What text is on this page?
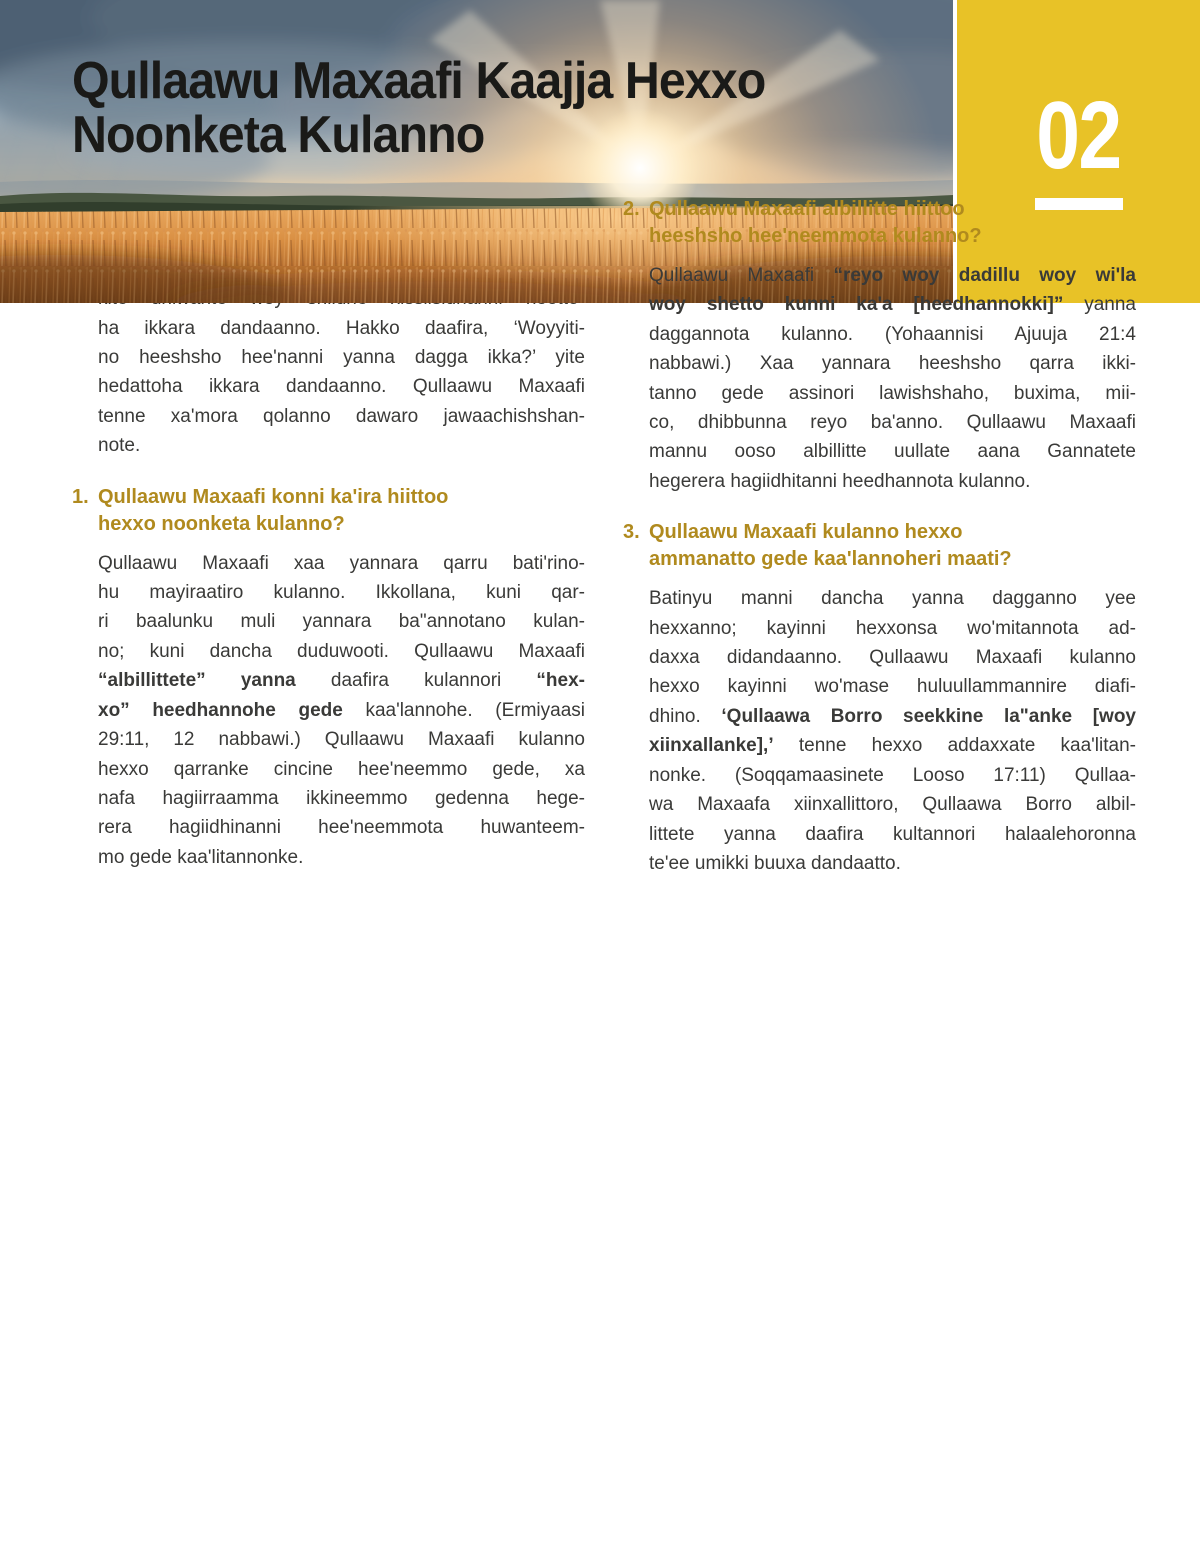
02
Qullaawu Maxaafi Kaajja Hexxo
Noonketa Kulanno
ha ikkara dandaanno. Hakko daafira, ‘Woyyiti-
no heeshsho hee'nanni yanna dagga ikka?’ yite
hedattoha ikkara dandaanno. Qullaawu Maxaafi
tenne xa'mora qolanno dawaro jawaachishshan-
note.
1. Qullaawu Maxaafi konni ka'ira hiittoo
hexxo noonketa kulanno?
Qullaawu Maxaafi xaa yannara qarru bati'rino-
hu mayiraatiro kulanno. Ikkollana, kuni qar-
ri baalunku muli yannara ba"annotano kulan-
no; kuni dancha duduwooti. Qullaawu Maxaafi
“albillittete” yanna daafira kulannori “hex-
xo” heedhannohe gede kaa'lannohe. (Ermiyaasi
29:11, 12 nabbawi.) Qullaawu Maxaafi kulanno
hexxo qarranke cincine hee'neemmo gede, xa
nafa hagiirraamma ikkineemmo gedenna hege-
rera hagiidhinanni hee'neemmota huwanteem-
mo gede kaa'litannonke.
2. Qullaawu Maxaafi albillitte hiittoo
heeshsho hee'neemmota kulanno?
Qullaawu Maxaafi “reyo woy dadillu woy wi'la
woy shetto kunni ka'a [heedhannokki]” yanna
daggannota kulanno. (Yohaannisi Ajuuja 21:4
nabbawi.) Xaa yannara heeshsho qarra ikki-
tanno gede assinori lawishshaho, buxima, mii-
co, dhibbunna reyo ba'anno. Qullaawu Maxaafi
mannu ooso albillitte uullate aana Gannatete
hegerera hagiidhitanni heedhannota kulanno.
3. Qullaawu Maxaafi kulanno hexxo
ammanatto gede kaa'lannoheri maati?
Batinyu manni dancha yanna dagganno yee
hexxanno; kayinni hexxonsa wo'mitannota ad-
daxxa didandaanno. Qullaawu Maxaafi kulanno
hexxo kayinni wo'mase huluullammannire diafi-
dhino. ‘Qullaawa Borro seekkine la"anke [woy
xiinxallanke],’ tenne hexxo addaxxate kaa'litan-
nonke. (Soqqamaasinete Looso 17:11) Qullaa-
wa Maxaafa xiinxallittoro, Qullaawa Borro albil-
littete yanna daafira kultannori halaalehoronna
te'ee umikki buuxa dandaatto.
